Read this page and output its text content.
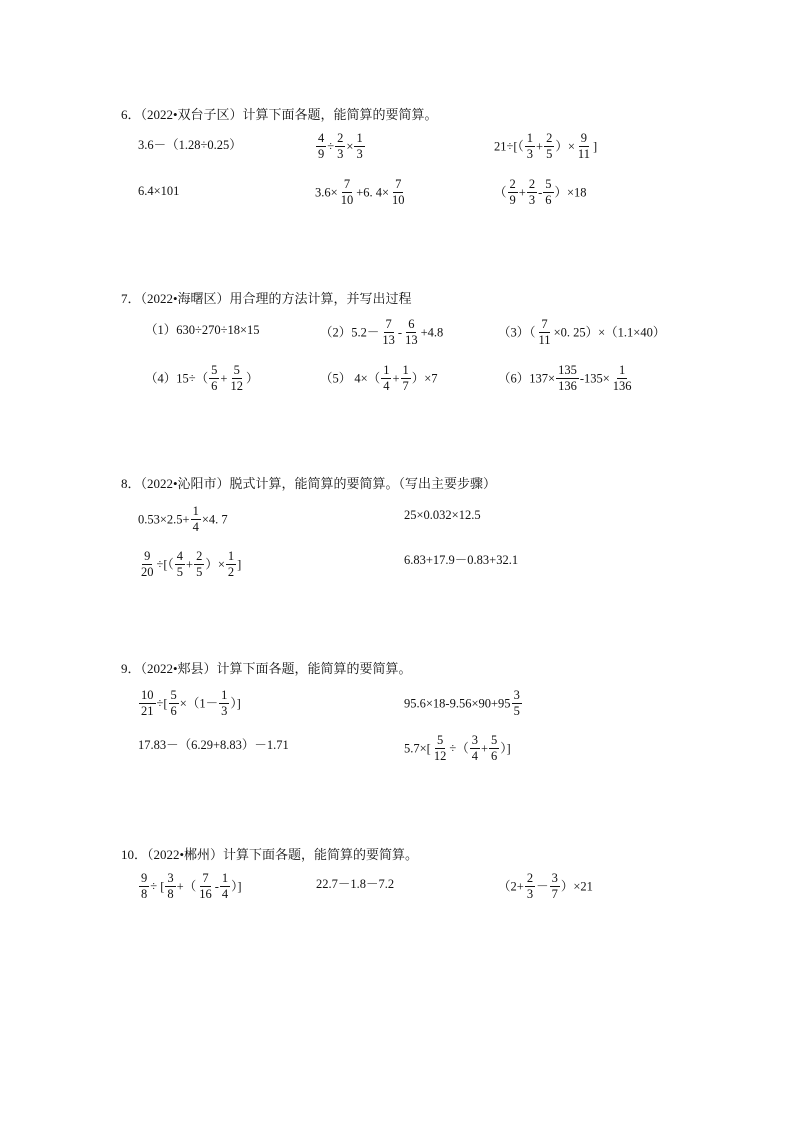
6．（2022•双台子区）计算下面各题，能简算的要简算。
3.6－（1.28÷0.25）	$\frac{4}{9} \div \frac{2}{3} \times \frac{1}{3}$	$21\div[( \frac{1}{3} + \frac{2}{5}$ ）× $\frac{9}{11}$ ]
6.4×101	$3.6\times \frac{7}{10} +6$. $4\times \frac{7}{10}$	（ $\frac{2}{9} + \frac{2}{3} - \frac{5}{6} )\times 18$
7．（2022•海曙区）用合理的方法计算，并写出过程
（1）630÷270÷18×15	$(2)5.2- \frac{7}{13} - \frac{6}{13} +4.8$	$(3)( \frac{7}{11} \times 0$. 25）×（1.1×40）
$(4)15\div( \frac{5}{6} + \frac{5}{12}$ ）	（5） $4\times( \frac{1}{4} + \frac{1}{7} )\times 7$	$(6)137\times \frac{135}{136} -135\times \frac{1}{136}$
8．（2022•沁阳市）脱式计算，能简算的要简算。（写出主要步骤）
$0.53\times 2.5+ \frac{1}{4} \times 4$. 7	25×0.032×12.5
$\frac{9}{20}$ ÷[（ $\frac{4}{5} + \frac{2}{5}$ ）× $\frac{1}{2}$ ]	6.83+17.9－0.83+32.1
9．（2022•郏县）计算下面各题，能简算的要简算。
$\frac{10}{21}$ ÷[ $\frac{5}{6} \times(1- \frac{1}{3}$ ）]	$95.6\times 18-9.56\times 90+95 \frac{3}{5}$
17.83－（6.29+8.83）－1.71	$5.7\times[ \frac{5}{12}$ ÷（ $\frac{3}{4} + \frac{5}{6}$ ）]
10．（2022•郴州）计算下面各题，能简算的要简算。
$\frac{9}{8}$ ÷ [ $\frac{3}{8}$ +（ $\frac{7}{16} - \frac{1}{4}$ ）]	22.7－1.8－7.2	$(2+ \frac{2}{3} - \frac{3}{7} )\times 21$
